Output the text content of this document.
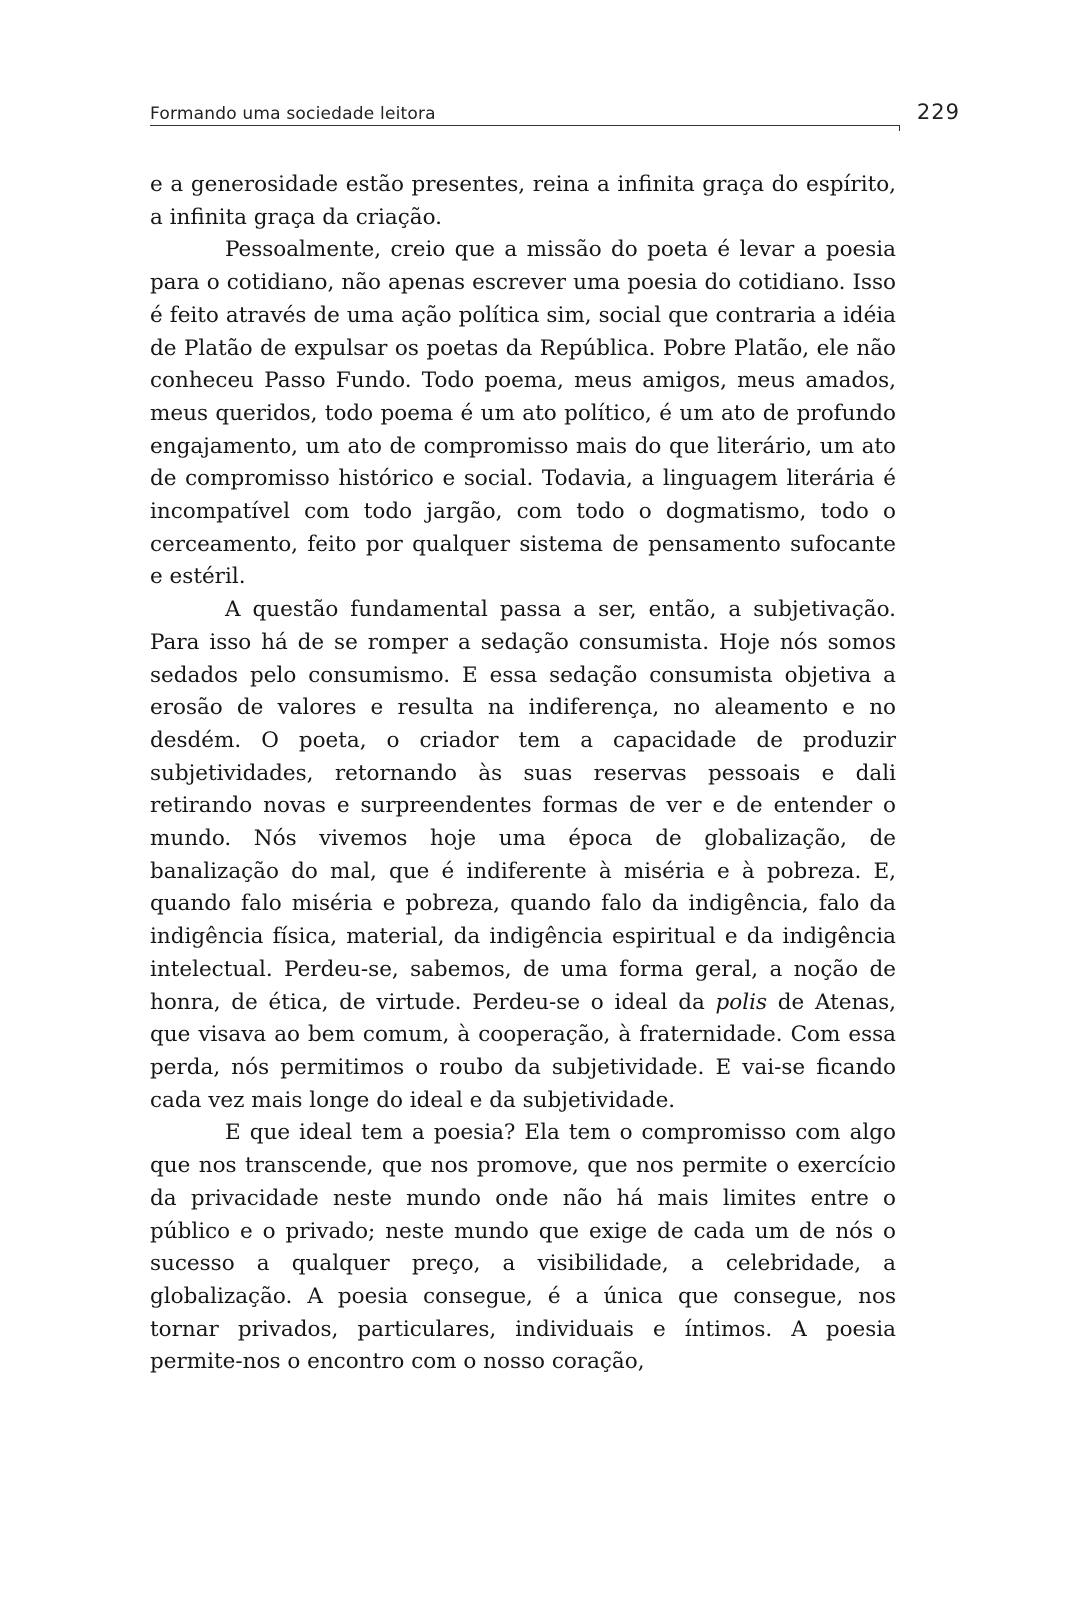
Formando uma sociedade leitora	229

e a generosidade estão presentes, reina a infinita graça do espírito, a infinita graça da criação.

Pessoalmente, creio que a missão do poeta é levar a poesia para o cotidiano, não apenas escrever uma poesia do cotidiano. Isso é feito através de uma ação política sim, social que contraria a idéia de Platão de expulsar os poetas da República. Pobre Platão, ele não conheceu Passo Fundo. Todo poema, meus amigos, meus amados, meus queridos, todo poema é um ato político, é um ato de profundo engajamento, um ato de compromisso mais do que literário, um ato de compromisso histórico e social. Todavia, a linguagem literária é incompatível com todo jargão, com todo o dogmatismo, todo o cerceamento, feito por qualquer sistema de pensamento sufocante e estéril.

A questão fundamental passa a ser, então, a subjetivação. Para isso há de se romper a sedação consumista. Hoje nós somos sedados pelo consumismo. E essa sedação consumista objetiva a erosão de valores e resulta na indiferença, no aleamento e no desdém. O poeta, o criador tem a capacidade de produzir subjetividades, retornando às suas reservas pessoais e dali retirando novas e surpreendentes formas de ver e de entender o mundo. Nós vivemos hoje uma época de globalização, de banalização do mal, que é indiferente à miséria e à pobreza. E, quando falo miséria e pobreza, quando falo da indigência, falo da indigência física, material, da indigência espiritual e da indigência intelectual. Perdeu-se, sabemos, de uma forma geral, a noção de honra, de ética, de virtude. Perdeu-se o ideal da polis de Atenas, que visava ao bem comum, à cooperação, à fraternidade. Com essa perda, nós permitimos o roubo da subjetividade. E vai-se ficando cada vez mais longe do ideal e da subjetividade.

E que ideal tem a poesia? Ela tem o compromisso com algo que nos transcende, que nos promove, que nos permite o exercício da privacidade neste mundo onde não há mais limites entre o público e o privado; neste mundo que exige de cada um de nós o sucesso a qualquer preço, a visibilidade, a celebridade, a globalização. A poesia consegue, é a única que consegue, nos tornar privados, particulares, individuais e íntimos. A poesia permite-nos o encontro com o nosso coração,
